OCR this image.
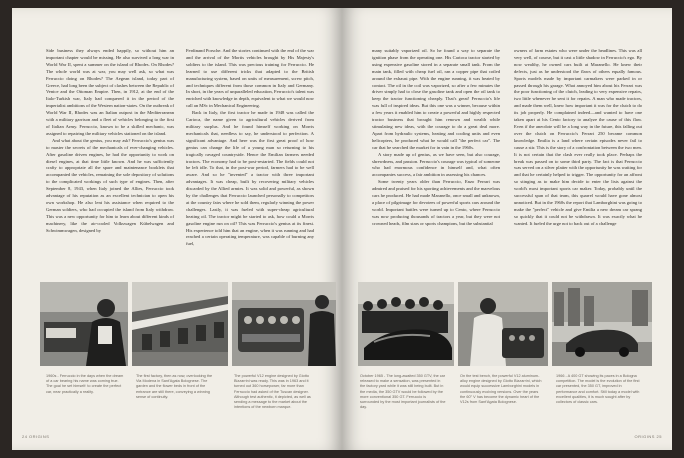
Side business they always ended happily, so without him an important chapter would be missing. He also survived a long war in World War II, spent a summer on the island of Rhodes. On Rhodes? The whole world was at war, you may well ask, so what was Ferruccio doing on Rhodes? The Aegean island, today part of Greece, had long been the subject of clashes between the Republic of Venice and the Ottoman Empire. Then, in 1912, at the end of the Italo-Turkish war, Italy had conquered it in the period of the imperialist ambitions of the Western nation-states. On the outbreak of World War II, Rhodes was an Italian outpost in the Mediterranean with a military garrison and a fleet of vehicles belonging to the first of Italian Army. Ferruccio, known to be a skilled mechanic, was assigned to repairing the military vehicles stationed on the island.

And what about the genius, you may ask? Ferruccio's genius was to master the secrets of the mechanicals of ever-changing vehicles. After gasoline driven engines, he had the opportunity to work on diesel engines, at that time little known. And he was sufficiently crafty to appropriate all the spare and maintenance booklets that accompanied the vehicles, remaining the sole depository of solutions to the complicated workings of such type of engines. Then, after September 8, 1943, when Italy joined the Allies, Ferruccio took advantage of his reputation as an excellent technician to open his own workshop. He also lent his assistance when required to the German soldiers, who had occupied the island from Italy withdraw. This was a new opportunity for him to learn about different kinds of machinery, like the air-cooled Volkswagen Kübelwagen and Schwimmwagen, designed by

Ferdinand Porsche. And the stories continued with the end of the war and the arrival of the Mortis vehicles brought by His Majesty's soldiers to the island. This was precious training for Ferruccio. He learned to use different tricks that adapted to the British manufacturing system, based on units of measurement, screw pitch, and techniques different from those common in Italy and Germany. In short, in the years of unparalleled education, Ferruccio's talent was enriched with knowledge in depth, equivalent to what we would now call an MSc in Mechanical Engineering.

Back in Italy, the first tractor he made in 1948 was called the Carioca, the name given to agricultural vehicles derived from military surplus. And he found himself working on Morris mechanicals that, needless to say, he understood to perfection. A significant advantage. And here was the first great proof of how genius can change the life of a young man so returning to his tragically ravaged countryside. Hence the Emilian farmers needed tractors. The economy had to be post-restarted. The fields could not be left idle. To that, in the post-war period, farmers had to be well aware. And so he "invented" a tractor with three important advantages. It was cheap, built by recovering military vehicles discarded by the Allied armies. It was solid and powerful, as shown by the challenges that Ferruccio launched personally to competitors at the country fairs where he sold them, regularly winning the power challenges. Lastly, it was fueled with super-cheap agricultural heating oil. The tractor might be started to ask, how could a Morris gasoline engine run on oil? This was Ferruccio's genius at its finest. His experience told him that an engine, when it was running and had reached a certain operating temperature, was capable of burning any fuel,

1960s - Ferruccio in the days when the dream of a car bearing his name was coming true. The goal he set himself: to create the perfect car, near practically a reality.
The first factory, then as now, overlooking the Via Modena in Sant'Agata Bolognese. The garden and the flower beds in front of the entrance are still there, conveying a winning sense of continuity.
The powerful V12 engine designed by Giotto Bizzarrini was ready. This was in 1963 and it turned out 360 horsepower, far more than Ferruccio had asked of the Tuscan designer. Although test authentic, it depicted, as well as sending a message to the market about the intentions of the newborn marque.
24 ORIGINS

many suitably vaporized oil. So he found a way to separate the ignition phase from the operating one. His Carioca tractor started by using expensive gasoline stored in a separate small tank. From the main tank, filled with cheap fuel oil, ran a copper pipe that coiled around the exhaust pipe. With the engine running, it was heated by contact. The oil in the coil was vaporized, so after a few minutes the driver simply had to close the gasoline tank and open the oil tank to keep the tractor functioning cheaply. That's great! Ferruccio's life was full of inspired ideas. But this one was a winner, because within a few years it enabled him to create a powerful and highly respected tractor business that brought him renown and wealth while stimulating new ideas, with the courage to do a great deal more. Apart from hydraulic systems, heating and cooling units and even helicopters, he produced what he would call "the perfect car". The car that he searched the market for in vain in the 1960s.

A story made up of genius, as we have seen, but also courage, shrewdness, and passion. Ferruccio's courage was typical of someone who had enormous confidence in himself and, what often accompanies success, a fair ambition in assessing his chances.

Some twenty years older than Ferruccio, Enzo Ferrari was admired and praised for his sporting achievements and the marvelous cars he produced. He had made Maranello, once small and unknown, a place of pilgrimage for devotees of powerful sports cars around the world. Important battles were turned up to Cento, where Ferruccio was now producing thousands of tractors a year, but they were not crowned heads, film stars or sports champions, but the substantial

owners of farm estates who were under the headlines. This was all very well, of course, but it cast a little shadow in Ferruccio's ego. By now wealthy, he owned cars built at Maranello. He knew their defects, just as he understood the flaws of others equally famous. Sports models made by important carmakers were parked in or passed through his garage. What annoyed him about his Ferrari was the poor functioning of the clutch, leading to very expensive repairs, two little whenever he sent it for repairs. A man who made tractors, and made them well, knew how important it was for the clutch to do its job properly. He complained indeed—and wanted to have one taken apart at his Cento factory to analyze the cause of this flaw. Even if the anecdote will be a long way in the future, this falling out over the clutch on Ferruccio's Ferrari 250 became common knowledge. Emilia is a land where certain episodes never fail to cause a stir. This is the story of a confrontation between the two men. It is not certain that the clash ever really took place. Perhaps the break was passed on to some third party. The fact is that Ferruccio was served on a silver platter with the opportunity he was waiting for and that he certainly helped to trigger. The opportunity for an affront so stinging as to make him decide to enter the lists against the world's most important sports car maker. Today, probably until the successful span of that team, this quarrel would have gone almost unnoticed. But in the 1960s the report that Lamborghini was going to make the "perfect" vehicle and give Emilia a new dream car sprang so quickly that it could not be withdrawn. It was exactly what he wanted. It fueled the urge not to back out of a challenge

October 1965 - The long-awaited 350 GTV, the car released to make a sensation, was presented in the factory yard while it was still being built. But in the media, the 350 GTV would be followed by the more conventional 350 GT. Ferruccio is surrounded by the most important journalists of the day.
On the test bench, the powerful V12 aluminum-alloy engine designed by Giotto Bizzarrini, which would equip successive Lamborghini models in continuously evolving versions. Over the years the 60° V has become the dynamic heart of the V12s from Sant'Agata Bolognese.
1966 - A 400 GT showing its paces in a Bologna competition. The model is the evolution of the first car presented, the 350 GT, improved in performance and comfort. Still today a model with excellent qualities, it is much sought after by collectors of classic cars.
ORIGINS 25
